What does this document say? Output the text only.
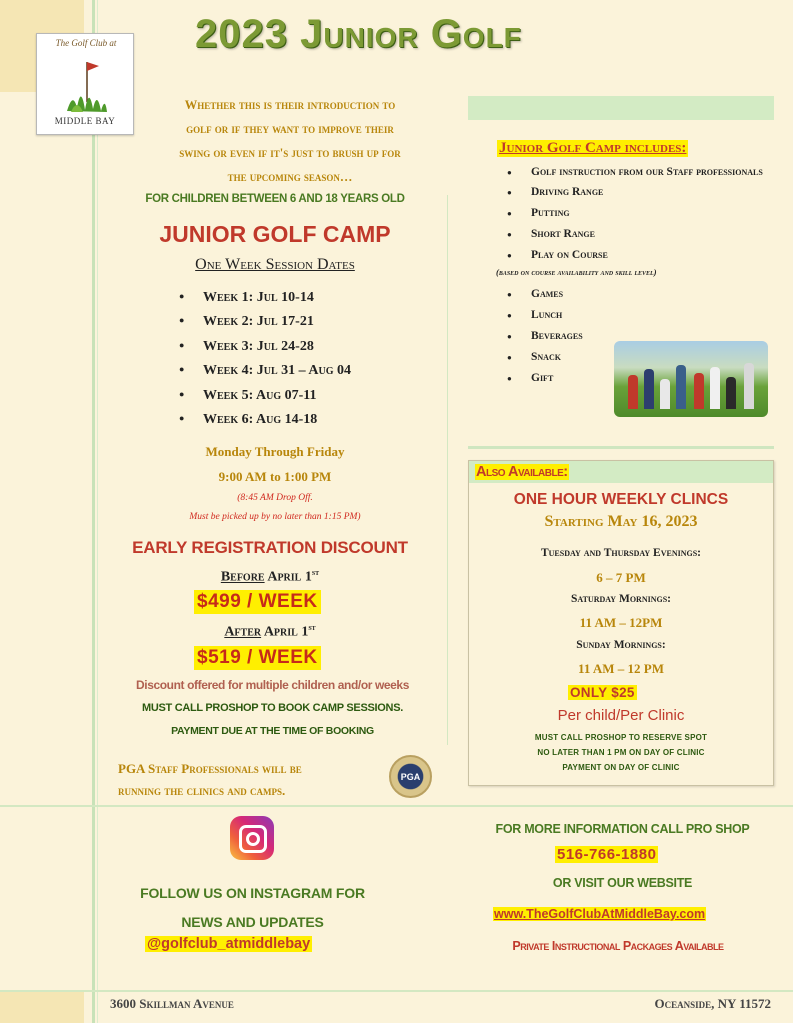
The Golf Club at
MIDDLE BAY
2023 Junior Golf
Whether this is their introduction to
golf or if they want to improve their
swing or even if it's just to brush up for
the upcoming season…
FOR CHILDREN BETWEEN 6 AND 18 YEARS OLD
JUNIOR GOLF CAMP
One Week Session Dates
● Week 1: Jul 10-14
● Week 2: Jul 17-21
● Week 3: Jul 24-28
● Week 4: Jul 31 – Aug 04
● Week 5: Aug 07-11
● Week 6: Aug 14-18
Monday Through Friday
9:00 AM to 1:00 PM
(8:45 AM Drop Off.
Must be picked up by no later than 1:15 PM)
EARLY REGISTRATION DISCOUNT
Before April 1st
$499 / WEEK
After April 1st
$519 / WEEK
Discount offered for multiple children and/or weeks
MUST CALL PROSHOP TO BOOK CAMP SESSIONS.
PAYMENT DUE AT THE TIME OF BOOKING
PGA Staff Professionals will be
running the clinics and camps.
PGA
Junior Golf Camp includes:
● Golf instruction from our Staff professionals
● Driving Range
● Putting
● Short Range
● Play on Course
(based on course availability and skill level)
● Games
● Lunch
● Beverages
● Snack
● Gift
Also Available:
ONE HOUR WEEKLY CLINCS
Starting May 16, 2023
Tuesday and Thursday Evenings:
6 – 7 PM
Saturday Mornings:
11 AM – 12PM
Sunday Mornings:
11 AM – 12 PM
ONLY $25
Per child/Per Clinic
MUST CALL PROSHOP TO RESERVE SPOT
NO LATER THAN 1 PM ON DAY OF CLINIC
PAYMENT ON DAY OF CLINIC
FOLLOW US ON INSTAGRAM FOR
NEWS AND UPDATES
@golfclub_atmiddlebay
FOR MORE INFORMATION CALL PRO SHOP
516-766-1880
OR VISIT OUR WEBSITE
www.TheGolfClubAtMiddleBay.com
Private Instructional Packages Available
3600 Skillman Avenue	Oceanside, NY 11572
